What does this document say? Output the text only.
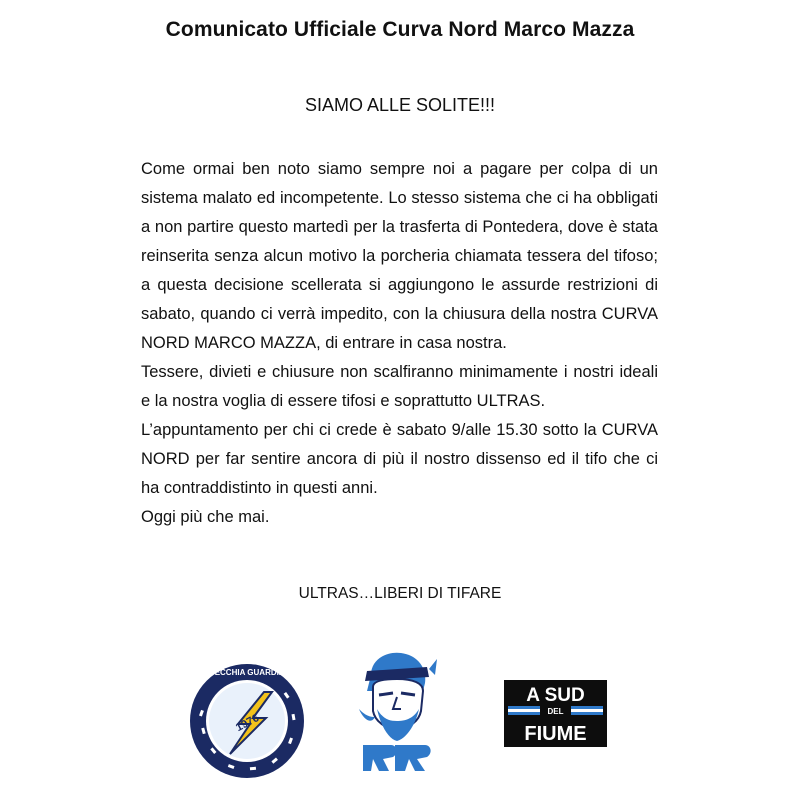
Comunicato Ufficiale Curva Nord Marco Mazza
SIAMO ALLE SOLITE!!!

Come ormai ben noto siamo sempre noi a pagare per colpa di un sistema malato ed incompetente. Lo stesso sistema che ci ha obbligati a non partire questo martedì per la trasferta di Pontedera, dove è stata reinserita senza alcun motivo la porcheria chiamata tessera del tifoso; a questa decisione scellerata si aggiungono le assurde restrizioni di sabato, quando ci verrà impedito, con la chiusura della nostra CURVA NORD MARCO MAZZA, di entrare in casa nostra.

Tessere, divieti e chiusure non scalfiranno minimamente i nostri ideali e la nostra voglia di essere tifosi e soprattutto ULTRAS.

L’appuntamento per chi ci crede è sabato 9/alle 15.30 sotto la CURVA NORD per far sentire ancora di più il nostro dissenso ed il tifo che ci ha contraddistinto in questi anni.

Oggi più che mai.

ULTRAS…LIBERI DI TIFARE
VECCHIA GUARDIA
1976
A SUD
DEL
FIUME
